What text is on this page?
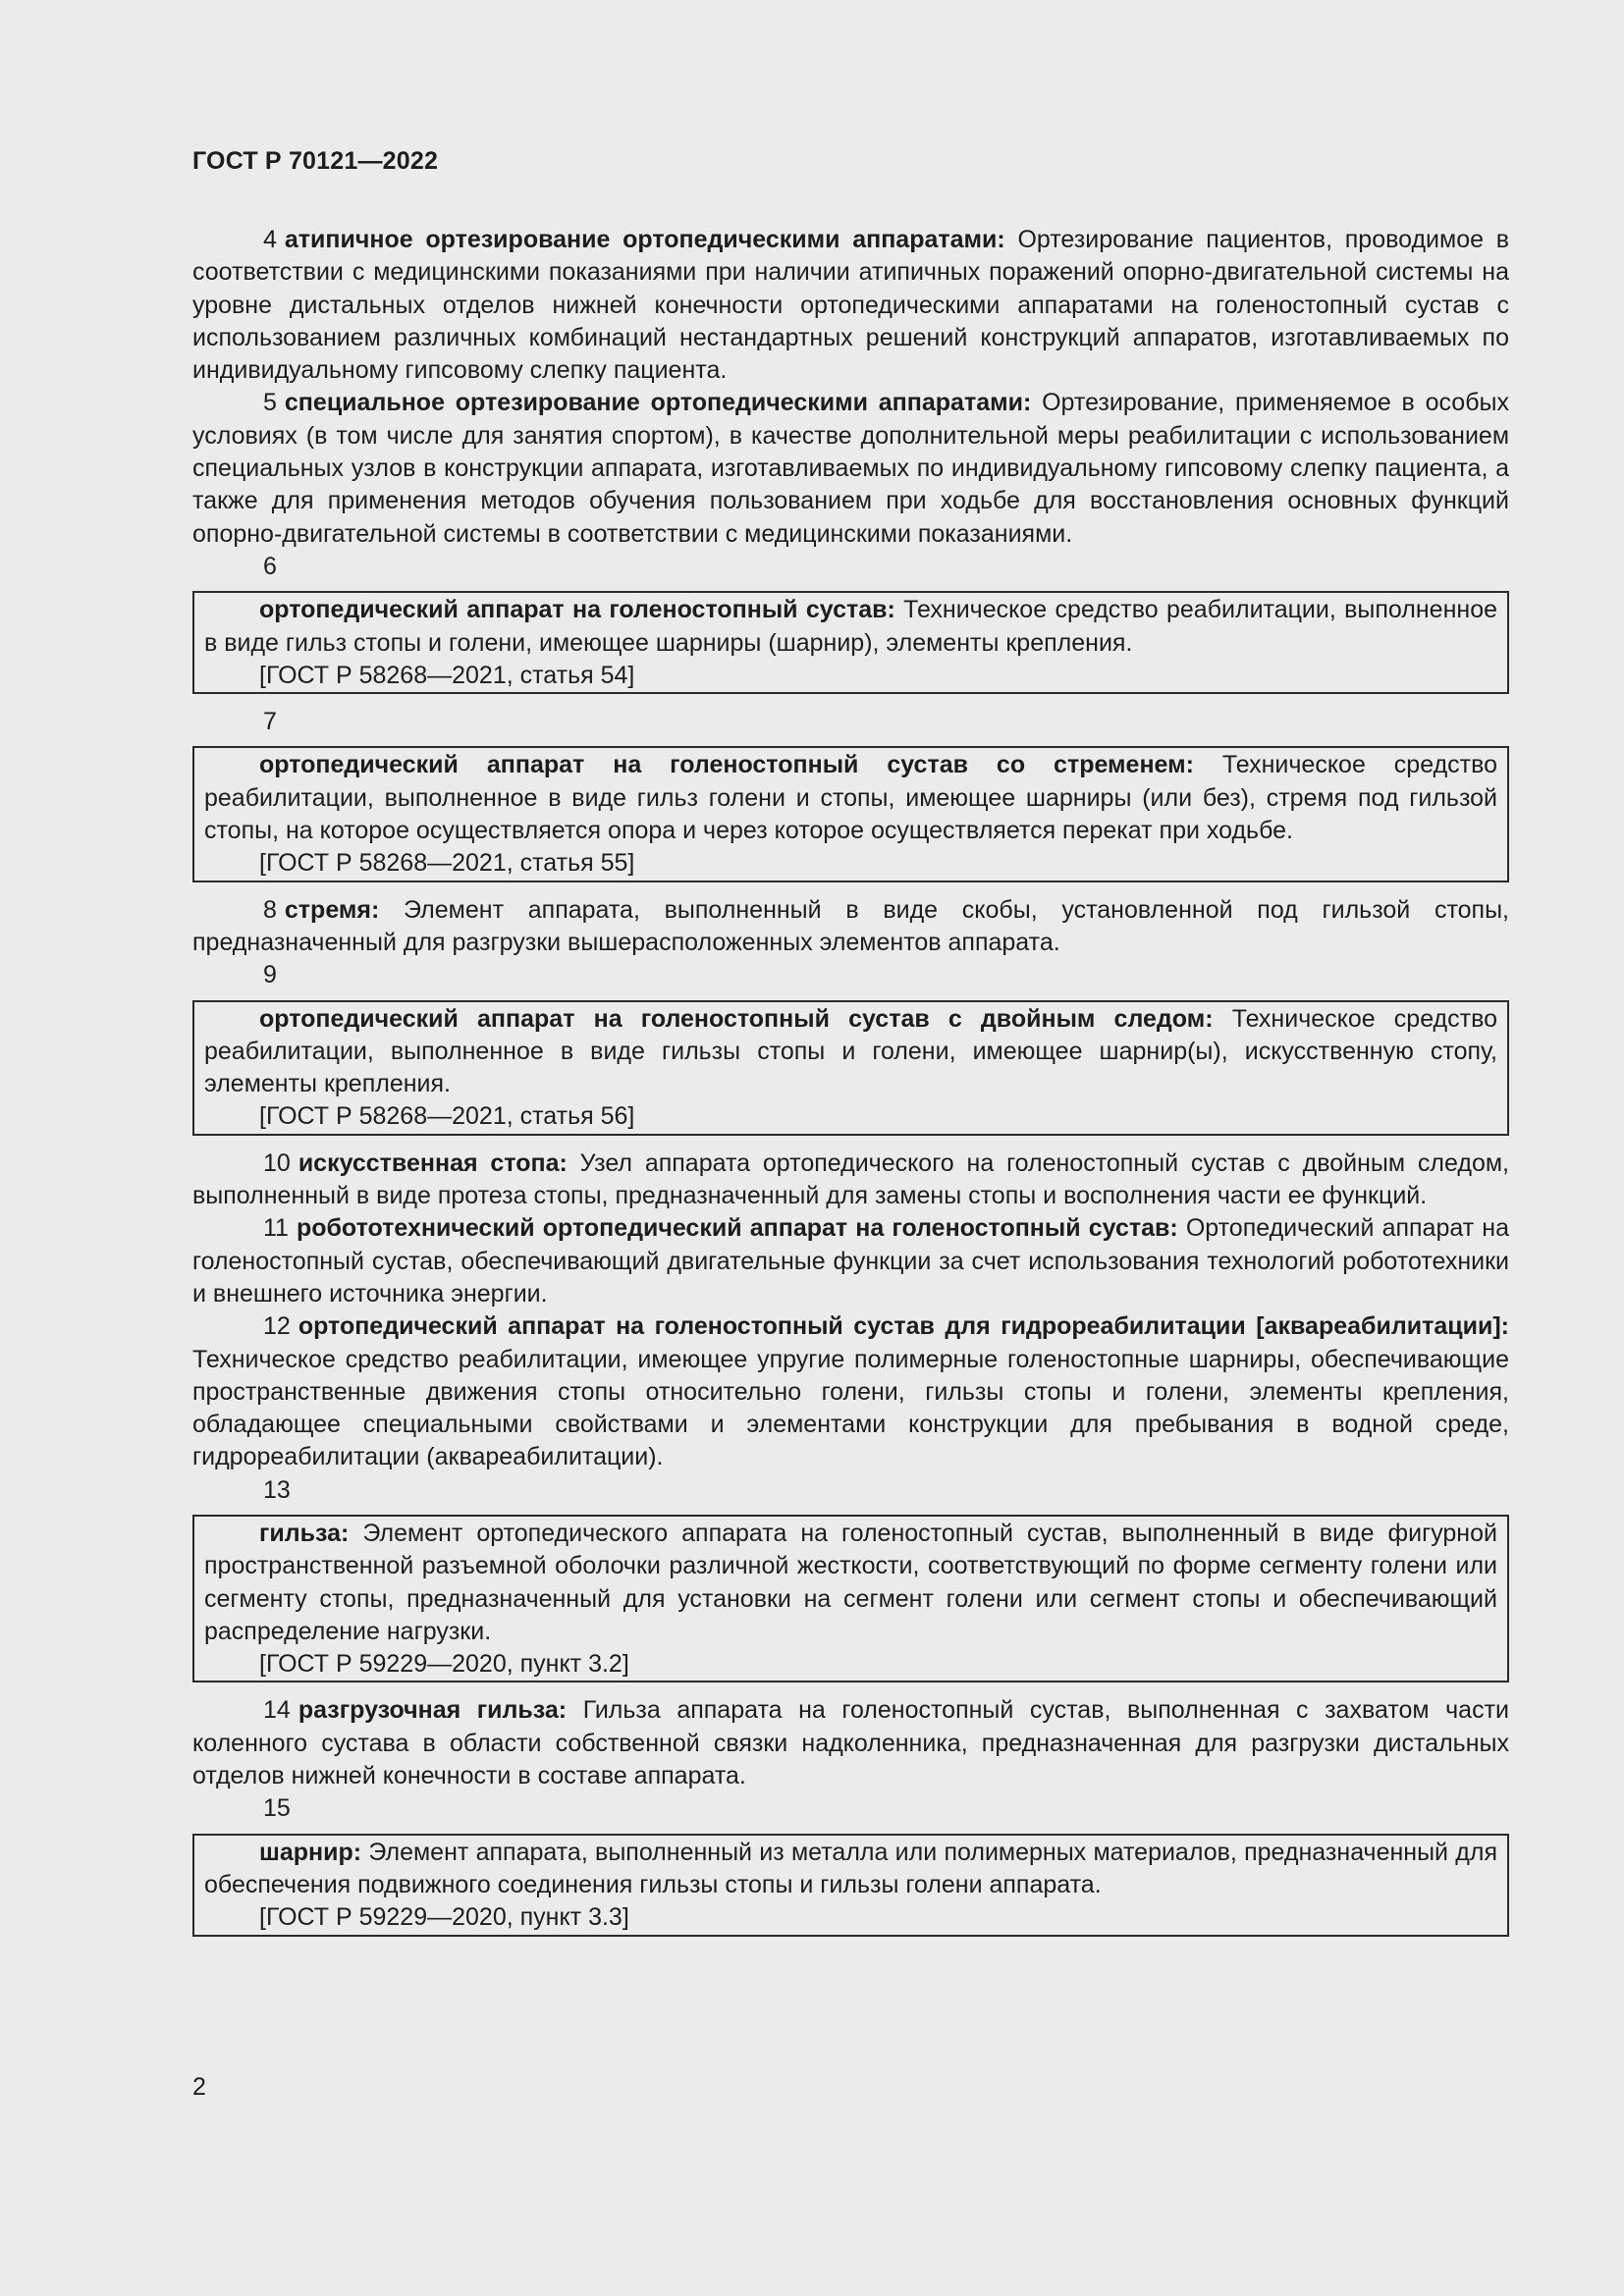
ГОСТ Р 70121—2022

4 атипичное ортезирование ортопедическими аппаратами: Ортезирование пациентов, проводимое в соответствии с медицинскими показаниями при наличии атипичных поражений опорно-двигательной системы на уровне дистальных отделов нижней конечности ортопедическими аппаратами на голеностопный сустав с использованием различных комбинаций нестандартных решений конструкций аппаратов, изготавливаемых по индивидуальному гипсовому слепку пациента.

5 специальное ортезирование ортопедическими аппаратами: Ортезирование, применяемое в особых условиях (в том числе для занятия спортом), в качестве дополнительной меры реабилитации с использованием специальных узлов в конструкции аппарата, изготавливаемых по индивидуальному гипсовому слепку пациента, а также для применения методов обучения пользованием при ходьбе для восстановления основных функций опорно-двигательной системы в соответствии с медицинскими показаниями.

6

ортопедический аппарат на голеностопный сустав: Техническое средство реабилитации, выполненное в виде гильз стопы и голени, имеющее шарниры (шарнир), элементы крепления.

[ГОСТ Р 58268—2021, статья 54]

7

ортопедический аппарат на голеностопный сустав со стременем: Техническое средство реабилитации, выполненное в виде гильз голени и стопы, имеющее шарниры (или без), стремя под гильзой стопы, на которое осуществляется опора и через которое осуществляется перекат при ходьбе.

[ГОСТ Р 58268—2021, статья 55]

8 стремя: Элемент аппарата, выполненный в виде скобы, установленной под гильзой стопы, предназначенный для разгрузки вышерасположенных элементов аппарата.

9

ортопедический аппарат на голеностопный сустав с двойным следом: Техническое средство реабилитации, выполненное в виде гильзы стопы и голени, имеющее шарнир(ы), искусственную стопу, элементы крепления.

[ГОСТ Р 58268—2021, статья 56]

10 искусственная стопа: Узел аппарата ортопедического на голеностопный сустав с двойным следом, выполненный в виде протеза стопы, предназначенный для замены стопы и восполнения части ее функций.

11 робототехнический ортопедический аппарат на голеностопный сустав: Ортопедический аппарат на голеностопный сустав, обеспечивающий двигательные функции за счет использования технологий робототехники и внешнего источника энергии.

12 ортопедический аппарат на голеностопный сустав для гидрореабилитации [аквареабилитации]: Техническое средство реабилитации, имеющее упругие полимерные голеностопные шарниры, обеспечивающие пространственные движения стопы относительно голени, гильзы стопы и голени, элементы крепления, обладающее специальными свойствами и элементами конструкции для пребывания в водной среде, гидрореабилитации (аквареабилитации).

13

гильза: Элемент ортопедического аппарата на голеностопный сустав, выполненный в виде фигурной пространственной разъемной оболочки различной жесткости, соответствующий по форме сегменту голени или сегменту стопы, предназначенный для установки на сегмент голени или сегмент стопы и обеспечивающий распределение нагрузки.

[ГОСТ Р 59229—2020, пункт 3.2]

14 разгрузочная гильза: Гильза аппарата на голеностопный сустав, выполненная с захватом части коленного сустава в области собственной связки надколенника, предназначенная для разгрузки дистальных отделов нижней конечности в составе аппарата.

15

шарнир: Элемент аппарата, выполненный из металла или полимерных материалов, предназначенный для обеспечения подвижного соединения гильзы стопы и гильзы голени аппарата.

[ГОСТ Р 59229—2020, пункт 3.3]

2
